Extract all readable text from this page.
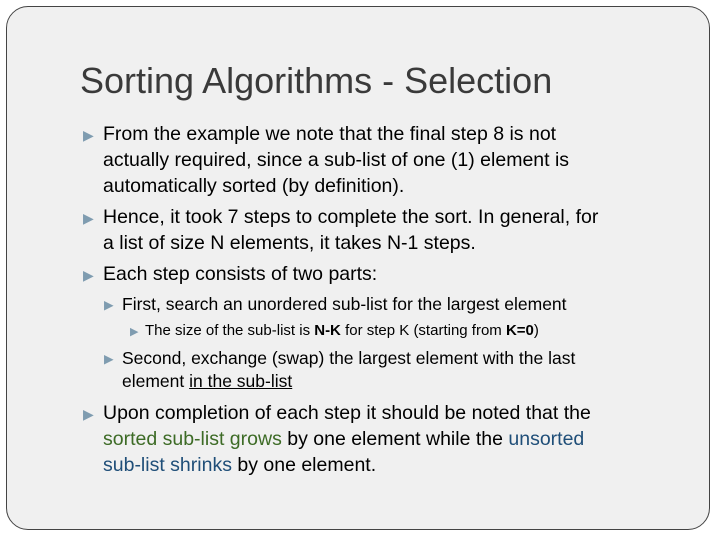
Sorting Algorithms - Selection
▶ From the example we note that the final step 8 is not
actually required, since a sub-list of one (1) element is
automatically sorted (by definition).
▶ Hence, it took 7 steps to complete the sort. In general, for
a list of size N elements, it takes N-1 steps.
▶ Each step consists of two parts:
▶ First, search an unordered sub-list for the largest element
▶ The size of the sub-list is N-K for step K (starting from K=0)
▶ Second, exchange (swap) the largest element with the last
element in the sub-list
▶ Upon completion of each step it should be noted that the
sorted sub-list grows by one element while the unsorted
sub-list shrinks by one element.
